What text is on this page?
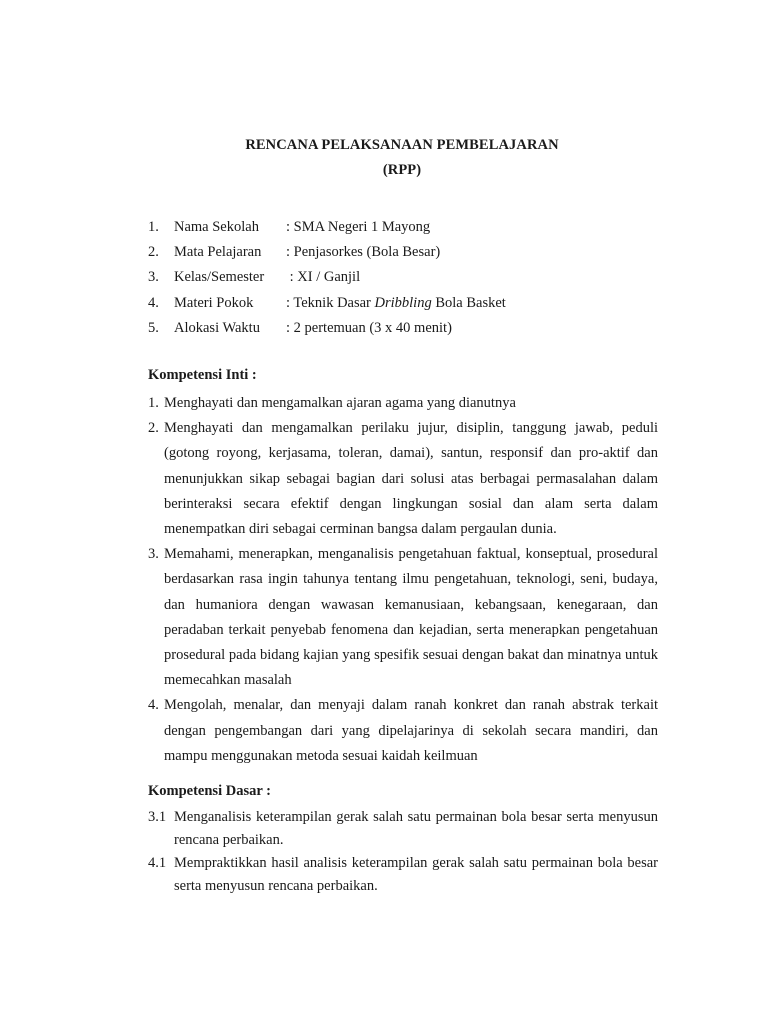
RENCANA PELAKSANAAN PEMBELAJARAN
(RPP)
1. Nama Sekolah : SMA Negeri 1 Mayong
2. Mata Pelajaran : Penjasorkes (Bola Besar)
3. Kelas/Semester : XI / Ganjil
4. Materi Pokok : Teknik Dasar Dribbling Bola Basket
5. Alokasi Waktu : 2 pertemuan (3 x 40 menit)
Kompetensi Inti :
1. Menghayati dan mengamalkan ajaran agama yang dianutnya
2. Menghayati dan mengamalkan perilaku jujur, disiplin, tanggung jawab, peduli (gotong royong, kerjasama, toleran, damai), santun, responsif dan pro-aktif dan menunjukkan sikap sebagai bagian dari solusi atas berbagai permasalahan dalam berinteraksi secara efektif dengan lingkungan sosial dan alam serta dalam menempatkan diri sebagai cerminan bangsa dalam pergaulan dunia.
3. Memahami, menerapkan, menganalisis pengetahuan faktual, konseptual, prosedural berdasarkan rasa ingin tahunya tentang ilmu pengetahuan, teknologi, seni, budaya, dan humaniora dengan wawasan kemanusiaan, kebangsaan, kenegaraan, dan peradaban terkait penyebab fenomena dan kejadian, serta menerapkan pengetahuan prosedural pada bidang kajian yang spesifik sesuai dengan bakat dan minatnya untuk memecahkan masalah
4. Mengolah, menalar, dan menyaji dalam ranah konkret dan ranah abstrak terkait dengan pengembangan dari yang dipelajarinya di sekolah secara mandiri, dan mampu menggunakan metoda sesuai kaidah keilmuan
Kompetensi Dasar :
3.1 Menganalisis keterampilan gerak salah satu permainan bola besar serta menyusun rencana perbaikan.
4.1 Mempraktikkan hasil analisis keterampilan gerak salah satu permainan bola besar serta menyusun rencana perbaikan.
